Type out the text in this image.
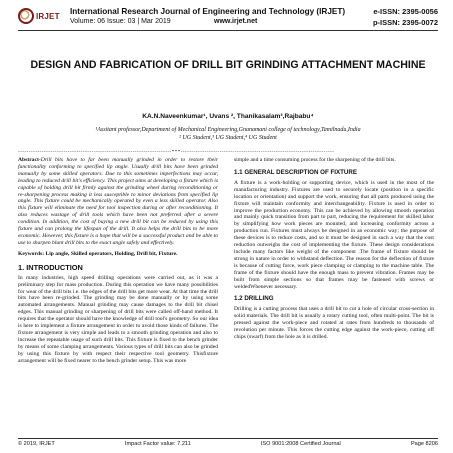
IRJET International Research Journal of Engineering and Technology (IRJET)
Volume: 06 Issue: 03 | Mar 2019	www.irjet.net
e-ISSN: 2395-0056
p-ISSN: 2395-0072
DESIGN AND FABRICATION OF DRILL BIT GRINDING ATTACHMENT MACHINE
KA.N.Naveenkumar¹, Uvans ², Thanikasalam³,Rajbabu⁴
¹Assitant professor,Department of Mechanical Engineering,Gnanamani college of technology,Tamilnadu,India
² UG Student,³ UG Student,⁴ UG Student
-----------------------------------------------------------------------***-----------------------------------------------------------------------

Abstract-Drill bits have to far been manually grinded in order to restore their functionality conforming to specified lip angle. Usually drill bits have been grinded manually by some skilled operators. Due to this sometimes imperfections may occur, leading to reduced drill bit's efficiency. This project aims at developing a fixture which is capable of holding drill bit firmly against the grinding wheel during reconditioning or re-sharpening process making it less susceptible to minor deviations from specified lip angle. This fixture could be mechanically operated by even a less skilled operator. Also this fixture will eliminate the need for tool inspection during or after reconditioning. It also reduces wastage of drill tools which have been not preferred after a severe condition. In addition, the cost of buying a new drill bit can be reduced by using this fixture and can prolong the lifespan of the drill. It also helps the drill bits to be more economic. However, this fixture is a hope that will be a successful product and be able to use to sharpen blunt drill bits to the exact angle safely and effectively.

Keywords: Lip angle, Skilled operators, Holding, Drill bit, Fixture.

1. INTRODUCTION

In many industries, high speed drilling operations were carried out, as it was a preliminary step for mass production. During this operation we have many possibilities for wear of the drill bits i.e. the edges of the drill bits get more wear. At that time the drill bits have been re-grinded. The grinding may be done manually or by using some automated arrangements. Manual grinding may cause damages to the drill bit chisel edges. This manual grinding or sharpening of drill bits were called off-hand method. It requires that the operator should have the knowledge of drill tool's geometry. So our idea is here to implement a fixture arrangement in order to avoid those kinds of failures. The fixture arrangement is very simple and leads to a smooth grinding operation and also to increase the repeatable usage of such drill bits. This fixture is fixed to the bench grinder by means of some clamping arrangements. Various types of drill bits can also be grinded by using this fixture by with respect their respective tool geometry. Thisfixture arrangement will be fixed nearer to the bench grinder setup. This was more

simple and a time consuming process for the sharpening of the drill bits.

1.1 GENERAL DESCRIPTION OF FIXTURE

A fixture is a work-holding or supporting device, which is used in the most of the manufacturing industry. Fixtures are used to securely locate (position in a specific location or orientation) and support the work, ensuring that all parts produced using the fixture will maintain conformity and interchangeability. Fixture is used in order to improve the production economy. This can be achieved by allowing smooth operation and mainly quick transition from part to part, reducing the requirement for skilled labor by simplifying how work pieces are mounted, and increasing conformity across a production run. Fixtures must always be designed in an economic way; the purpose of these devices is to reduce costs, and so it must be designed in such a way that the cost reduction outweighs the cost of implementing the fixture. These design considerations include many factors like weight of the component .The frame of fixture should be strong in nature in order to withstand deflection. The reason for the deflection of fixture is because of cutting force, work piece clamping or clamping to the machine table. The frame of the fixture should have the enough mass to prevent vibration. Frames may be built from simple sections so that frames may be fastened with screws or weldedWhenever necessary.

1.2 DRILLING

Drilling is a cutting process that uses a drill bit to cut a hole of circular cross-section in solid materials. The drill bit is usually a rotary cutting tool, often multi-point. The bit is pressed against the work-piece and rotated at rates from hundreds to thousands of revolution per minute. This forces the cutting edge against the work-piece, cutting off chips (swarf) from the hole as it is drilled.

© 2019, IRJET	Impact Factor value: 7.211	ISO 9001:2008 Certified Journal	Page 8206
